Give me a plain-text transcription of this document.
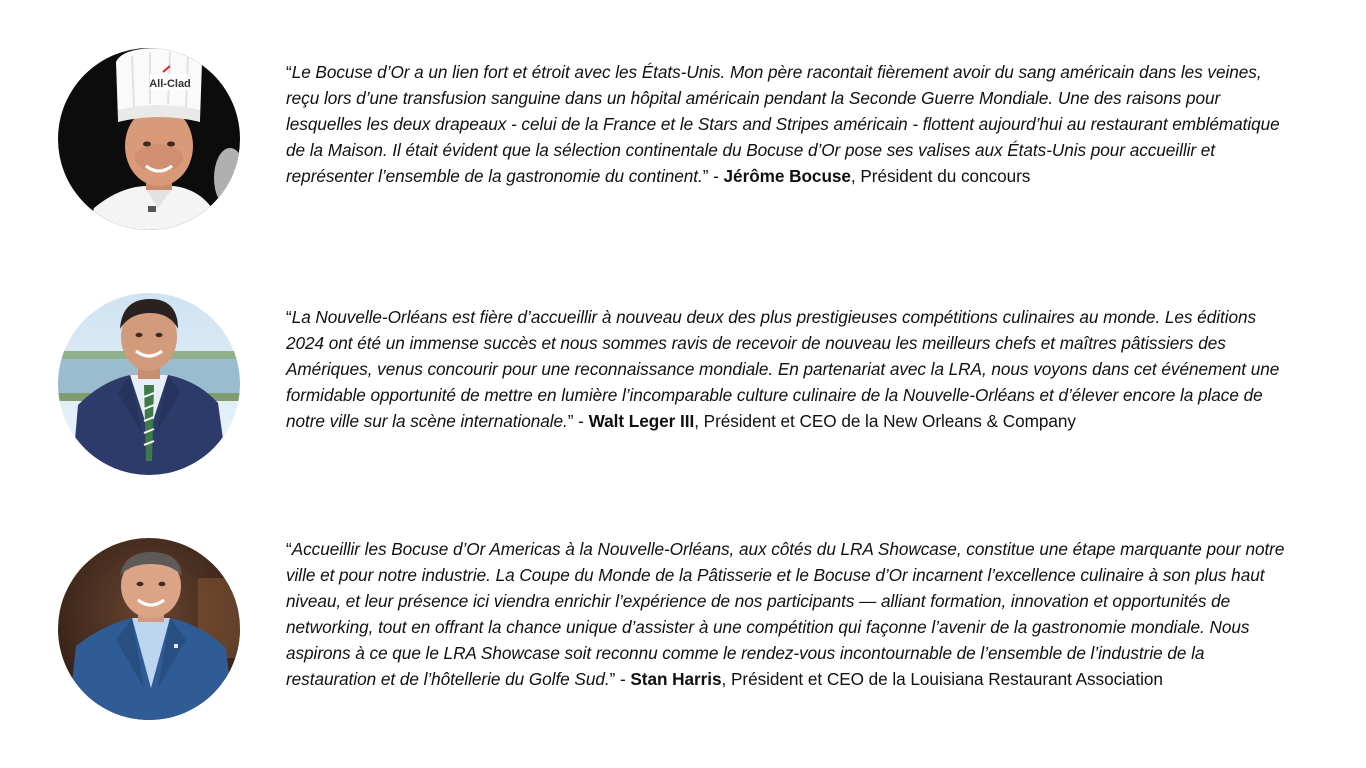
All-Clad

“Le Bocuse d’Or a un lien fort et étroit avec les États-Unis. Mon père racontait fièrement avoir du sang américain dans les veines, reçu lors d’une transfusion sanguine dans un hôpital américain pendant la Seconde Guerre Mondiale. Une des raisons pour lesquelles les deux drapeaux - celui de la France et le Stars and Stripes américain - flottent aujourd’hui au restaurant emblématique de la Maison. Il était évident que la sélection continentale du Bocuse d’Or pose ses valises aux États-Unis pour accueillir et représenter l’ensemble de la gastronomie du continent.” - Jérôme Bocuse, Président du concours

“La Nouvelle-Orléans est fière d’accueillir à nouveau deux des plus prestigieuses compétitions culinaires au monde. Les éditions 2024 ont été un immense succès et nous sommes ravis de recevoir de nouveau les meilleurs chefs et maîtres pâtissiers des Amériques, venus concourir pour une reconnaissance mondiale. En partenariat avec la LRA, nous voyons dans cet événement une formidable opportunité de mettre en lumière l’incomparable culture culinaire de la Nouvelle-Orléans et d’élever encore la place de notre ville sur la scène internationale.” - Walt Leger III, Président et CEO de la New Orleans & Company

“Accueillir les Bocuse d’Or Americas à la Nouvelle-Orléans, aux côtés du LRA Showcase, constitue une étape marquante pour notre ville et pour notre industrie. La Coupe du Monde de la Pâtisserie et le Bocuse d’Or incarnent l’excellence culinaire à son plus haut niveau, et leur présence ici viendra enrichir l’expérience de nos participants — alliant formation, innovation et opportunités de networking, tout en offrant la chance unique d’assister à une compétition qui façonne l’avenir de la gastronomie mondiale. Nous aspirons à ce que le LRA Showcase soit reconnu comme le rendez-vous incontournable de l’ensemble de l’industrie de la restauration et de l’hôtellerie du Golfe Sud.” - Stan Harris, Président et CEO de la Louisiana Restaurant Association
